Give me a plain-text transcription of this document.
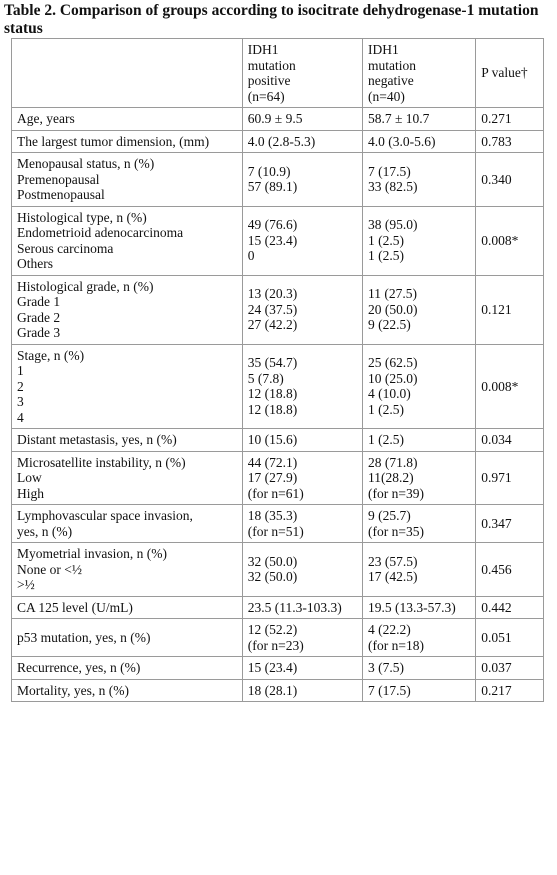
Table 2. Comparison of groups according to isocitrate dehydrogenase-1 mutation status

	IDH1
mutation
positive
(n=64)	IDH1
mutation
negative
(n=40)	P value†

Age, years	60.9 ± 9.5	58.7 ± 10.7	0.271

The largest tumor dimension, (mm)	4.0 (2.8-5.3)	4.0 (3.0-5.6)	0.783

Menopausal status, n (%)
Premenopausal
Postmenopausal	7 (10.9)
57 (89.1)	7 (17.5)
33 (82.5)	0.340

Histological type, n (%)
Endometrioid adenocarcinoma
Serous carcinoma
Others	49 (76.6)
15 (23.4)
0	38 (95.0)
1 (2.5)
1 (2.5)	0.008*

Histological grade, n (%)
Grade 1
Grade 2
Grade 3	13 (20.3)
24 (37.5)
27 (42.2)	11 (27.5)
20 (50.0)
9 (22.5)	0.121

Stage, n (%)
1
2
3
4	35 (54.7)
5 (7.8)
12 (18.8)
12 (18.8)	25 (62.5)
10 (25.0)
4 (10.0)
1 (2.5)	0.008*

Distant metastasis, yes, n (%)	10 (15.6)	1 (2.5)	0.034

Microsatellite instability, n (%)
Low
High	44 (72.1)
17 (27.9)
(for n=61)	28 (71.8)
11(28.2)
(for n=39)	0.971

Lymphovascular space invasion,
yes, n (%)	18 (35.3)
(for n=51)	9 (25.7)
(for n=35)	0.347

Myometrial invasion, n (%)
None or <½
>½	32 (50.0)
32 (50.0)	23 (57.5)
17 (42.5)	0.456

CA 125 level (U/mL)	23.5 (11.3-103.3)	19.5 (13.3-57.3)	0.442

p53 mutation, yes, n (%)	12 (52.2)
(for n=23)	4 (22.2)
(for n=18)	0.051

Recurrence, yes, n (%)	15 (23.4)	3 (7.5)	0.037

Mortality, yes, n (%)	18 (28.1)	7 (17.5)	0.217
